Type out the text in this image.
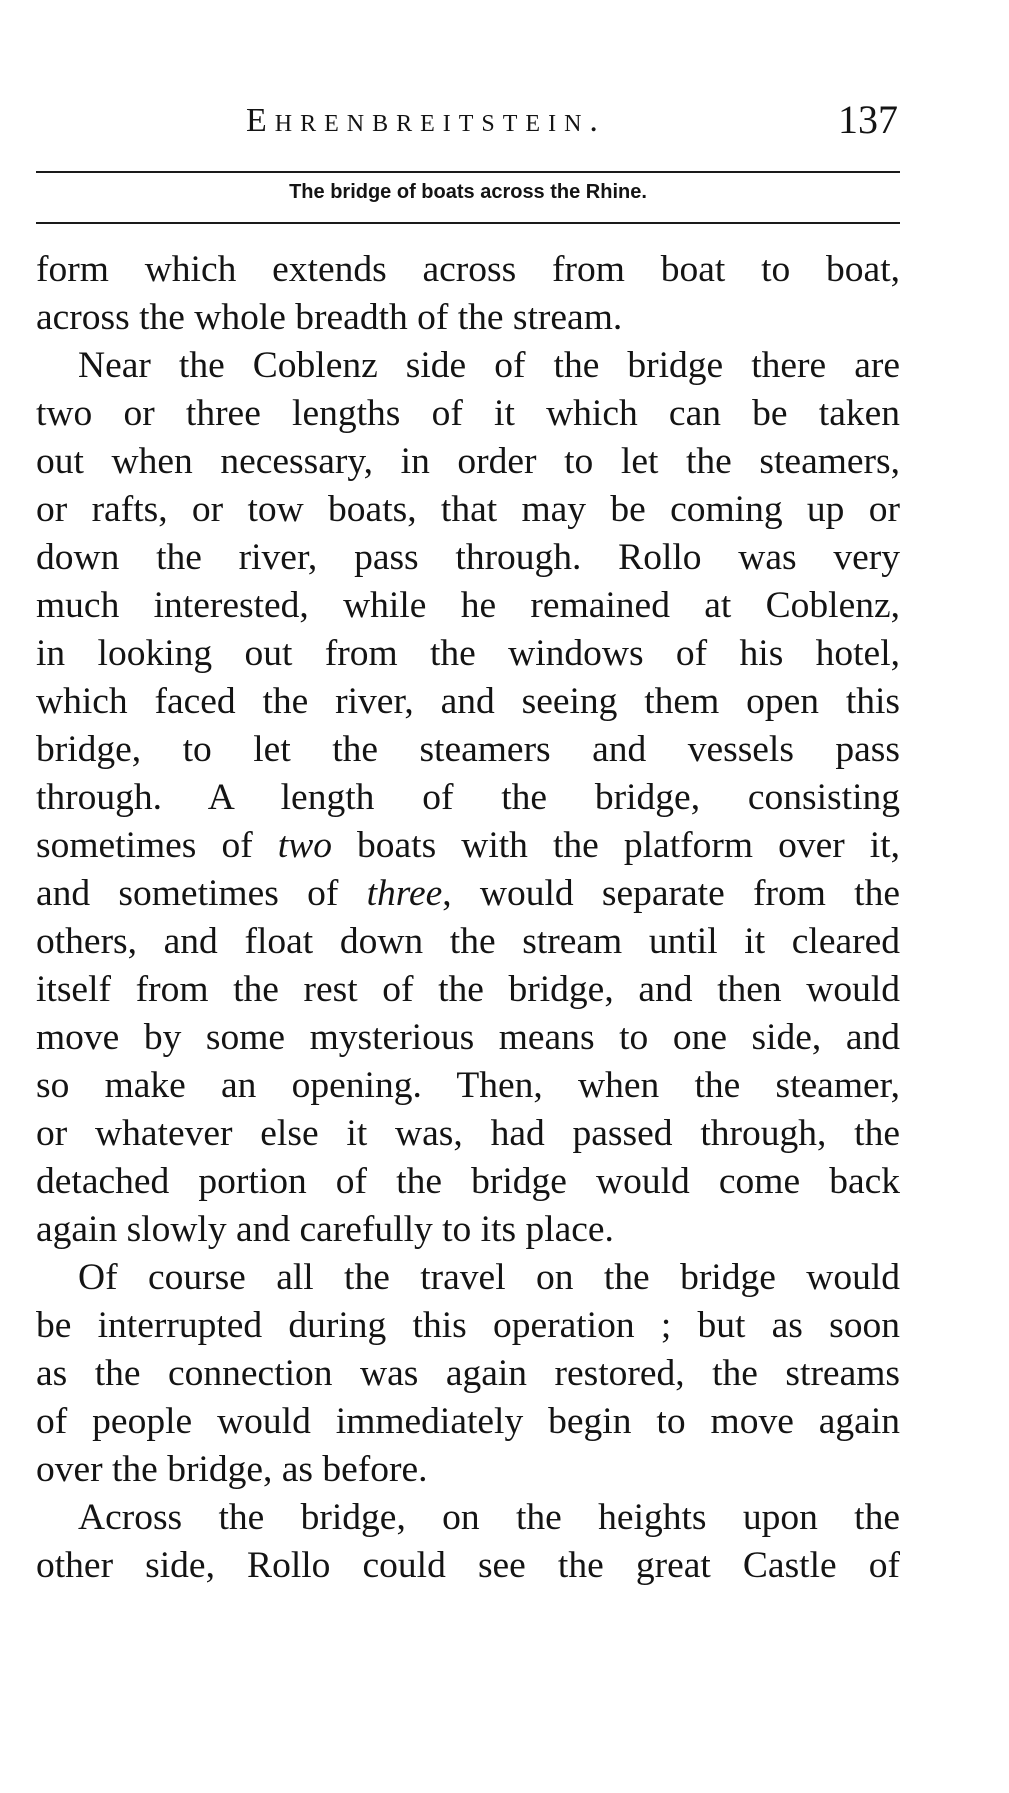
Ehrenbreitstein.	137
The bridge of boats across the Rhine.
form which extends across from boat to boat,
across the whole breadth of the stream.
Near the Coblenz side of the bridge there are
two or three lengths of it which can be taken
out when necessary, in order to let the steamers,
or rafts, or tow boats, that may be coming up or
down the river, pass through. Rollo was very
much interested, while he remained at Coblenz,
in looking out from the windows of his hotel,
which faced the river, and seeing them open this
bridge, to let the steamers and vessels pass
through. A length of the bridge, consisting
sometimes of two boats with the platform over it,
and sometimes of three, would separate from the
others, and float down the stream until it cleared
itself from the rest of the bridge, and then would
move by some mysterious means to one side, and
so make an opening. Then, when the steamer,
or whatever else it was, had passed through, the
detached portion of the bridge would come back
again slowly and carefully to its place.
Of course all the travel on the bridge would
be interrupted during this operation ; but as soon
as the connection was again restored, the streams
of people would immediately begin to move again
over the bridge, as before.
Across the bridge, on the heights upon the
other side, Rollo could see the great Castle of
